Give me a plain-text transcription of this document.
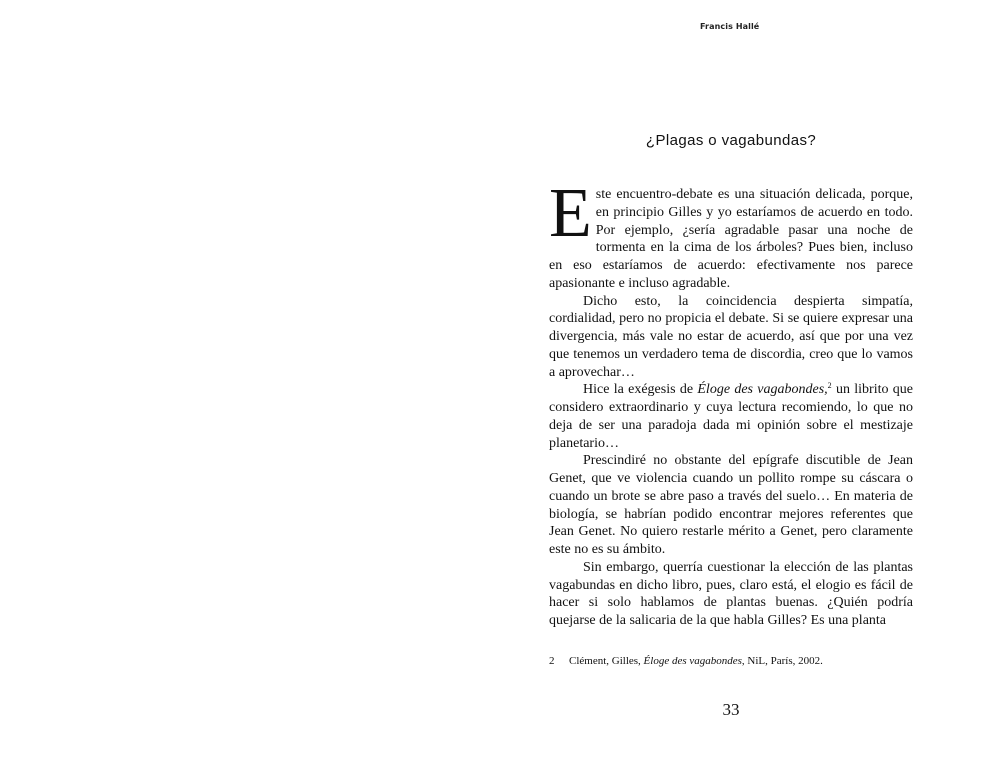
Francis Hallé
¿Plagas o vagabundas?

Este encuentro-debate es una situación delicada, porque, en principio Gilles y yo estaríamos de acuerdo en todo. Por ejemplo, ¿sería agradable pasar una noche de tormenta en la cima de los árboles? Pues bien, incluso en eso estaríamos de acuerdo: efectivamente nos parece apasionante e incluso agradable.

Dicho esto, la coincidencia despierta simpatía, cordialidad, pero no propicia el debate. Si se quiere expresar una divergencia, más vale no estar de acuerdo, así que por una vez que tenemos un verdadero tema de discordia, creo que lo vamos a aprovechar…

Hice la exégesis de Éloge des vagabondes,$^2$ un librito que considero extraordinario y cuya lectura recomiendo, lo que no deja de ser una paradoja dada mi opinión sobre el mestizaje planetario…

Prescindiré no obstante del epígrafe discutible de Jean Genet, que ve violencia cuando un pollito rompe su cáscara o cuando un brote se abre paso a través del suelo… En materia de biología, se habrían podido encontrar mejores referentes que Jean Genet. No quiero restarle mérito a Genet, pero claramente este no es su ámbito.

Sin embargo, querría cuestionar la elección de las plantas vagabundas en dicho libro, pues, claro está, el elogio es fácil de hacer si solo hablamos de plantas buenas. ¿Quién podría quejarse de la salicaria de la que habla Gilles? Es una planta

2 Clément, Gilles, Éloge des vagabondes, NiL, París, 2002.
33
